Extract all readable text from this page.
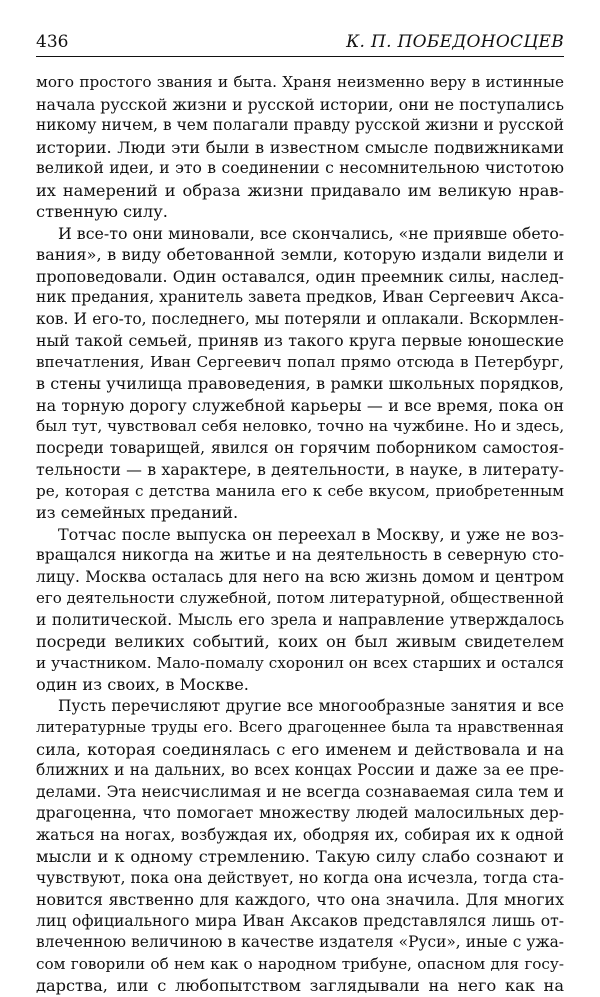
436	К. П. ПОБЕДОНОСЦЕВ
мого простого звания и быта. Храня неизменно веру в истинные
начала русской жизни и русской истории, они не поступались
никому ничем, в чем полагали правду русской жизни и русской
истории. Люди эти были в известном смысле подвижниками
великой идеи, и это в соединении с несомнительною чистотою
их намерений и образа жизни придавало им великую нрав-
ственную силу.
И все-то они миновали, все скончались, «не приявше обето-
вания», в виду обетованной земли, которую издали видели и
проповедовали. Один оставался, один преемник силы, наслед-
ник предания, хранитель завета предков, Иван Сергеевич Акса-
ков. И его-то, последнего, мы потеряли и оплакали. Вскормлен-
ный такой семьей, приняв из такого круга первые юношеские
впечатления, Иван Сергеевич попал прямо отсюда в Петербург,
в стены училища правоведения, в рамки школьных порядков,
на торную дорогу служебной карьеры — и все время, пока он
был тут, чувствовал себя неловко, точно на чужбине. Но и здесь,
посреди товарищей, явился он горячим поборником самостоя-
тельности — в характере, в деятельности, в науке, в литерату-
ре, которая с детства манила его к себе вкусом, приобретенным
из семейных преданий.
Тотчас после выпуска он переехал в Москву, и уже не воз-
вращался никогда на житье и на деятельность в северную сто-
лицу. Москва осталась для него на всю жизнь домом и центром
его деятельности служебной, потом литературной, общественной
и политической. Мысль его зрела и направление утверждалось
посреди великих событий, коих он был живым свидетелем
и участником. Мало-помалу схоронил он всех старших и остался
один из своих, в Москве.
Пусть перечисляют другие все многообразные занятия и все
литературные труды его. Всего драгоценнее была та нравственная
сила, которая соединялась с его именем и действовала и на
ближних и на дальних, во всех концах России и даже за ее пре-
делами. Эта неисчислимая и не всегда сознаваемая сила тем и
драгоценна, что помогает множеству людей малосильных дер-
жаться на ногах, возбуждая их, ободряя их, собирая их к одной
мысли и к одному стремлению. Такую силу слабо сознают и
чувствуют, пока она действует, но когда она исчезла, тогда ста-
новится явственно для каждого, что она значила. Для многих
лиц официального мира Иван Аксаков представлялся лишь от-
влеченною величиною в качестве издателя «Руси», иные с ужа-
сом говорили об нем как о народном трибуне, опасном для госу-
дарства, или с любопытством заглядывали на него как на
